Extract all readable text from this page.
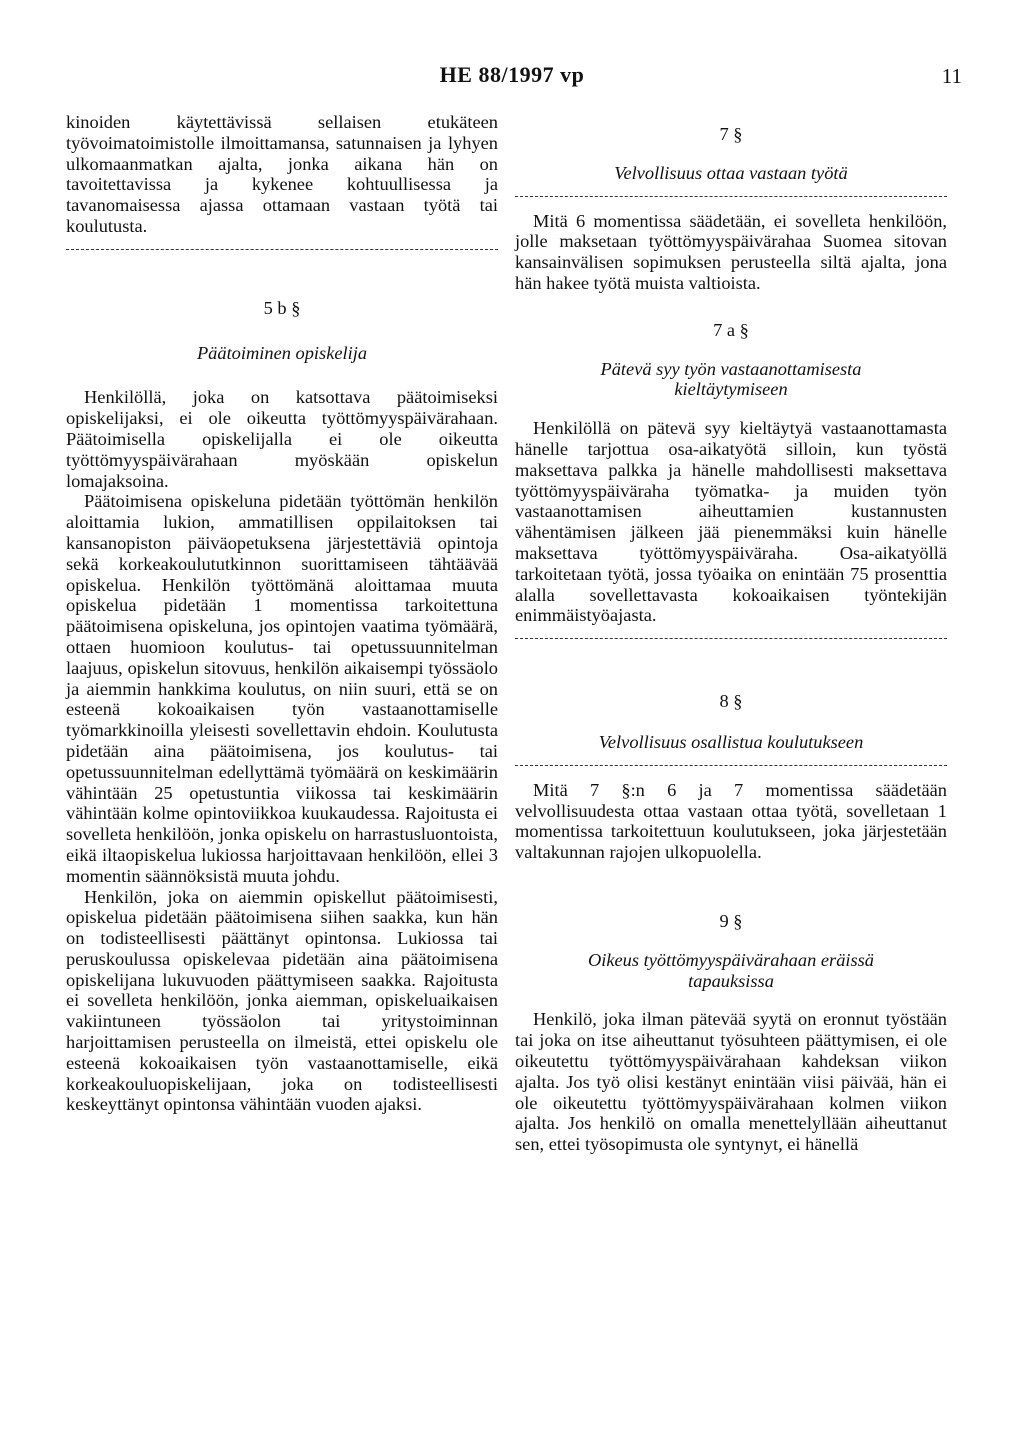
HE 88/1997 vp	11

kinoiden käytettävissä sellaisen etukäteen työvoimatoimistolle ilmoittamansa, satunnaisen ja lyhyen ulkomaanmatkan ajalta, jonka aikana hän on tavoitettavissa ja kykenee kohtuullisessa ja tavanomaisessa ajassa ottamaan vastaan työtä tai koulutusta.

5 b §

Päätoiminen opiskelija

Henkilöllä, joka on katsottava päätoimiseksi opiskelijaksi, ei ole oikeutta työttömyyspäivärahaan. Päätoimisella opiskelijalla ei ole oikeutta työttömyyspäivärahaan myöskään opiskelun lomajaksoina.

Päätoimisena opiskeluna pidetään työttömän henkilön aloittamia lukion, ammatillisen oppilaitoksen tai kansanopiston päiväopetuksena järjestettäviä opintoja sekä korkeakoulututkinnon suorittamiseen tähtäävää opiskelua. Henkilön työttömänä aloittamaa muuta opiskelua pidetään 1 momentissa tarkoitettuna päätoimisena opiskeluna, jos opintojen vaatima työmäärä, ottaen huomioon koulutus- tai opetussuunnitelman laajuus, opiskelun sitovuus, henkilön aikaisempi työssäolo ja aiemmin hankkima koulutus, on niin suuri, että se on esteenä kokoaikaisen työn vastaanottamiselle työmarkkinoilla yleisesti sovellettavin ehdoin. Koulutusta pidetään aina päätoimisena, jos koulutus- tai opetussuunnitelman edellyttämä työmäärä on keskimäärin vähintään 25 opetustuntia viikossa tai keskimäärin vähintään kolme opintoviikkoa kuukaudessa. Rajoitusta ei sovelleta henkilöön, jonka opiskelu on harrastusluontoista, eikä iltaopiskelua lukiossa harjoittavaan henkilöön, ellei 3 momentin säännöksistä muuta johdu.

Henkilön, joka on aiemmin opiskellut päätoimisesti, opiskelua pidetään päätoimisena siihen saakka, kun hän on todisteellisesti päättänyt opintonsa. Lukiossa tai peruskoulussa opiskelevaa pidetään aina päätoimisena opiskelijana lukuvuoden päättymiseen saakka. Rajoitusta ei sovelleta henkilöön, jonka aiemman, opiskeluaikaisen vakiintuneen työssäolon tai yritystoiminnan harjoittamisen perusteella on ilmeistä, ettei opiskelu ole esteenä kokoaikaisen työn vastaanottamiselle, eikä korkeakouluopiskelijaan, joka on todisteellisesti keskeyttänyt opintonsa vähintään vuoden ajaksi.

7 §

Velvollisuus ottaa vastaan työtä

Mitä 6 momentissa säädetään, ei sovelleta henkilöön, jolle maksetaan työttömyyspäivärahaa Suomea sitovan kansainvälisen sopimuksen perusteella siltä ajalta, jona hän hakee työtä muista valtioista.

7 a §

Pätevä syy työn vastaanottamisesta kieltäytymiseen

Henkilöllä on pätevä syy kieltäytyä vastaanottamasta hänelle tarjottua osa-aikatyötä silloin, kun työstä maksettava palkka ja hänelle mahdollisesti maksettava työttömyyspäiväraha työmatka- ja muiden työn vastaanottamisen aiheuttamien kustannusten vähentämisen jälkeen jää pienemmäksi kuin hänelle maksettava työttömyyspäiväraha. Osa-aikatyöllä tarkoitetaan työtä, jossa työaika on enintään 75 prosenttia alalla sovellettavasta kokoaikaisen työntekijän enimmäistyöajasta.

8 §

Velvollisuus osallistua koulutukseen

Mitä 7 §:n 6 ja 7 momentissa säädetään velvollisuudesta ottaa vastaan ottaa työtä, sovelletaan 1 momentissa tarkoitettuun koulutukseen, joka järjestetään valtakunnan rajojen ulkopuolella.

9 §

Oikeus työttömyyspäivärahaan eräissä tapauksissa

Henkilö, joka ilman pätevää syytä on eronnut työstään tai joka on itse aiheuttanut työsuhteen päättymisen, ei ole oikeutettu työttömyyspäivärahaan kahdeksan viikon ajalta. Jos työ olisi kestänyt enintään viisi päivää, hän ei ole oikeutettu työttömyyspäivärahaan kolmen viikon ajalta. Jos henkilö on omalla menettelyllään aiheuttanut sen, ettei työsopimusta ole syntynyt, ei hänellä
